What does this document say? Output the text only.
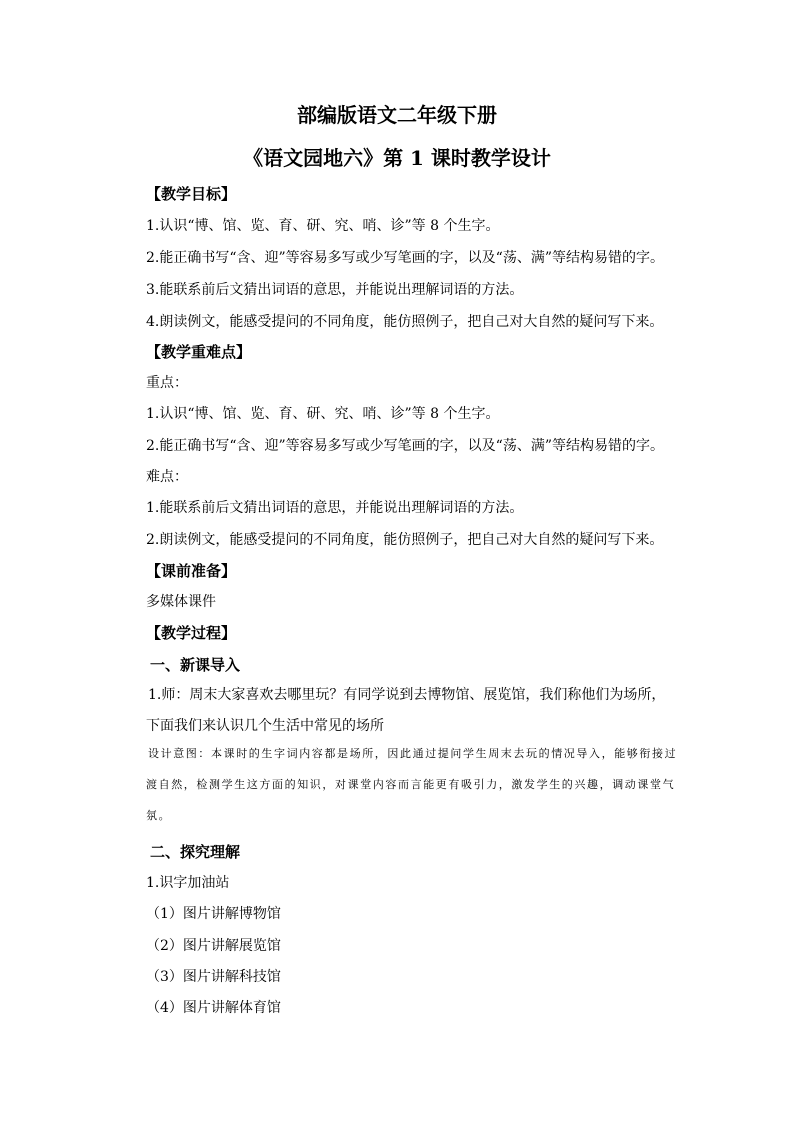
部编版语文二年级下册
《语文园地六》第 1 课时教学设计
【教学目标】
1.认识“博、馆、览、育、研、究、哨、诊”等 8 个生字。
2.能正确书写“含、迎”等容易多写或少写笔画的字，以及“荡、满”等结构易错的字。
3.能联系前后文猜出词语的意思，并能说出理解词语的方法。
4.朗读例文，能感受提问的不同角度，能仿照例子，把自己对大自然的疑问写下来。
【教学重难点】
重点：
1.认识“博、馆、览、育、研、究、哨、诊”等 8 个生字。
2.能正确书写“含、迎”等容易多写或少写笔画的字，以及“荡、满”等结构易错的字。
难点：
1.能联系前后文猜出词语的意思，并能说出理解词语的方法。
2.朗读例文，能感受提问的不同角度，能仿照例子，把自己对大自然的疑问写下来。
【课前准备】
多媒体课件
【教学过程】
一、新课导入
1.师：周末大家喜欢去哪里玩？有同学说到去博物馆、展览馆，我们称他们为场所，下面我们来认识几个生活中常见的场所
设计意图：本课时的生字词内容都是场所，因此通过提问学生周末去玩的情况导入，能够衔接过渡自然，检测学生这方面的知识，对课堂内容而言能更有吸引力，激发学生的兴趣，调动课堂气氛。
二、探究理解
1.识字加油站
（1）图片讲解博物馆
（2）图片讲解展览馆
（3）图片讲解科技馆
（4）图片讲解体育馆
